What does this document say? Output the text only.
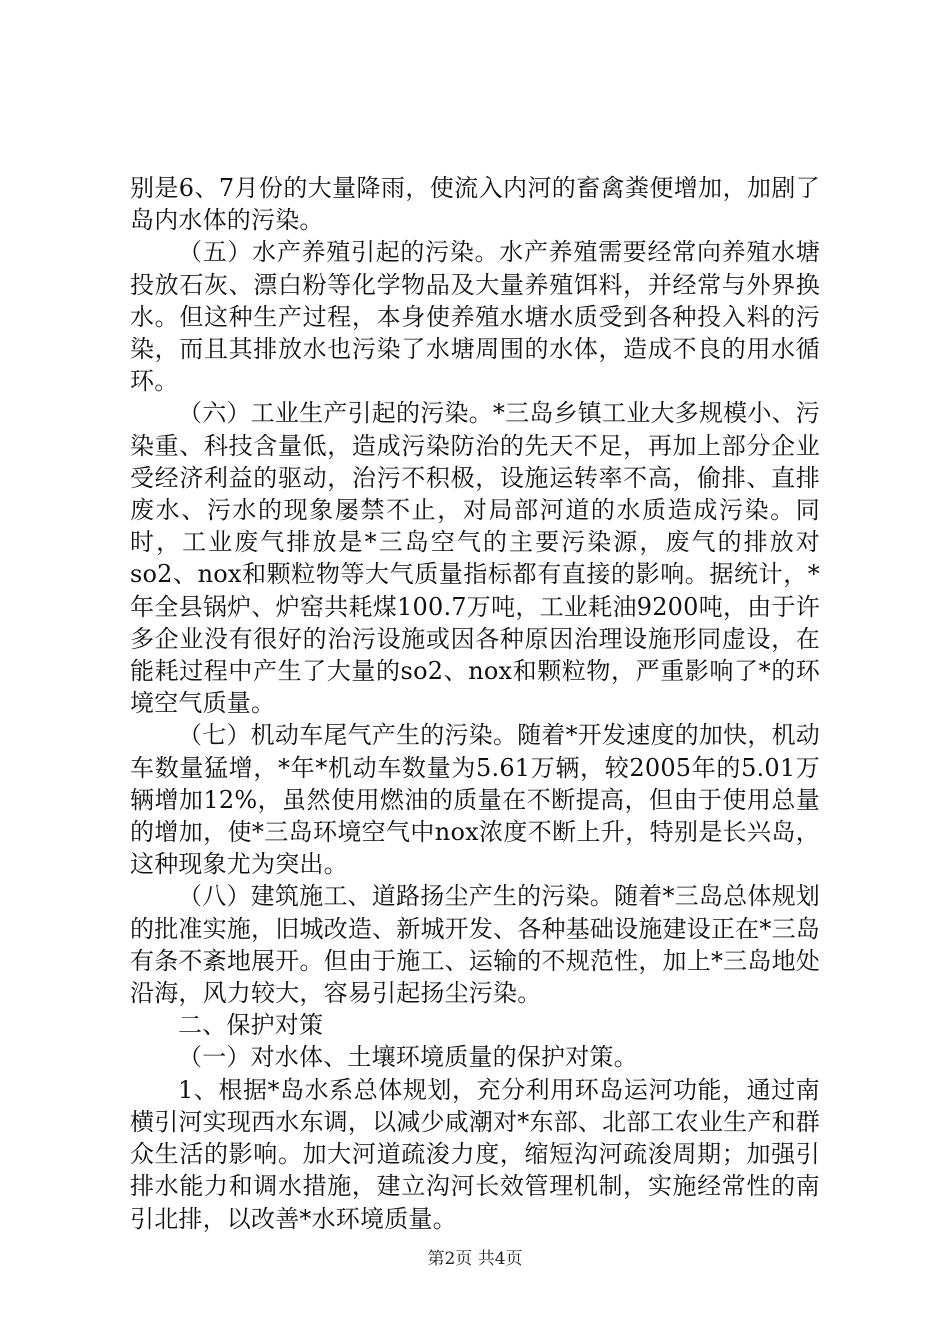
别是6、7月份的大量降雨，使流入内河的畜禽粪便增加，加剧了岛内水体的污染。

（五）水产养殖引起的污染。水产养殖需要经常向养殖水塘投放石灰、漂白粉等化学物品及大量养殖饵料，并经常与外界换水。但这种生产过程，本身使养殖水塘水质受到各种投入料的污染，而且其排放水也污染了水塘周围的水体，造成不良的用水循环。

（六）工业生产引起的污染。*三岛乡镇工业大多规模小、污染重、科技含量低，造成污染防治的先天不足，再加上部分企业受经济利益的驱动，治污不积极，设施运转率不高，偷排、直排废水、污水的现象屡禁不止，对局部河道的水质造成污染。同时，工业废气排放是*三岛空气的主要污染源，废气的排放对so2、nox和颗粒物等大气质量指标都有直接的影响。据统计，*年全县锅炉、炉窑共耗煤100.7万吨，工业耗油9200吨，由于许多企业没有很好的治污设施或因各种原因治理设施形同虚设，在能耗过程中产生了大量的so2、nox和颗粒物，严重影响了*的环境空气质量。

（七）机动车尾气产生的污染。随着*开发速度的加快，机动车数量猛增，*年*机动车数量为5.61万辆，较2005年的5.01万辆增加12%，虽然使用燃油的质量在不断提高，但由于使用总量的增加，使*三岛环境空气中nox浓度不断上升，特别是长兴岛，这种现象尤为突出。

（八）建筑施工、道路扬尘产生的污染。随着*三岛总体规划的批准实施，旧城改造、新城开发、各种基础设施建设正在*三岛有条不紊地展开。但由于施工、运输的不规范性，加上*三岛地处沿海，风力较大，容易引起扬尘污染。

二、保护对策

（一）对水体、土壤环境质量的保护对策。

1、根据*岛水系总体规划，充分利用环岛运河功能，通过南横引河实现西水东调，以减少咸潮对*东部、北部工农业生产和群众生活的影响。加大河道疏浚力度，缩短沟河疏浚周期；加强引排水能力和调水措施，建立沟河长效管理机制，实施经常性的南引北排，以改善*水环境质量。

第2页 共4页
